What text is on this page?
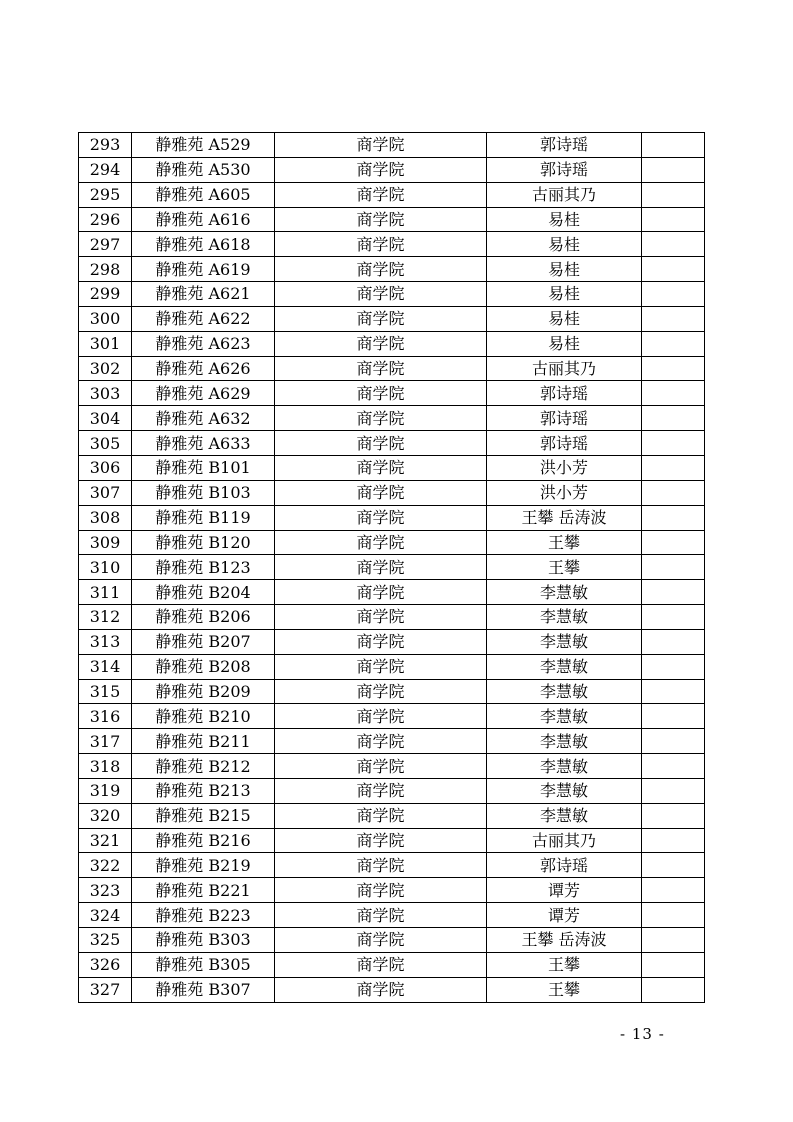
293	静雅苑 A529	商学院	郭诗瑶	
294	静雅苑 A530	商学院	郭诗瑶	
295	静雅苑 A605	商学院	古丽其乃	
296	静雅苑 A616	商学院	易桂	
297	静雅苑 A618	商学院	易桂	
298	静雅苑 A619	商学院	易桂	
299	静雅苑 A621	商学院	易桂	
300	静雅苑 A622	商学院	易桂	
301	静雅苑 A623	商学院	易桂	
302	静雅苑 A626	商学院	古丽其乃	
303	静雅苑 A629	商学院	郭诗瑶	
304	静雅苑 A632	商学院	郭诗瑶	
305	静雅苑 A633	商学院	郭诗瑶	
306	静雅苑 B101	商学院	洪小芳	
307	静雅苑 B103	商学院	洪小芳	
308	静雅苑 B119	商学院	王攀 岳涛波	
309	静雅苑 B120	商学院	王攀	
310	静雅苑 B123	商学院	王攀	
311	静雅苑 B204	商学院	李慧敏	
312	静雅苑 B206	商学院	李慧敏	
313	静雅苑 B207	商学院	李慧敏	
314	静雅苑 B208	商学院	李慧敏	
315	静雅苑 B209	商学院	李慧敏	
316	静雅苑 B210	商学院	李慧敏	
317	静雅苑 B211	商学院	李慧敏	
318	静雅苑 B212	商学院	李慧敏	
319	静雅苑 B213	商学院	李慧敏	
320	静雅苑 B215	商学院	李慧敏	
321	静雅苑 B216	商学院	古丽其乃	
322	静雅苑 B219	商学院	郭诗瑶	
323	静雅苑 B221	商学院	谭芳	
324	静雅苑 B223	商学院	谭芳	
325	静雅苑 B303	商学院	王攀 岳涛波	
326	静雅苑 B305	商学院	王攀	
327	静雅苑 B307	商学院	王攀	
- 13 -
